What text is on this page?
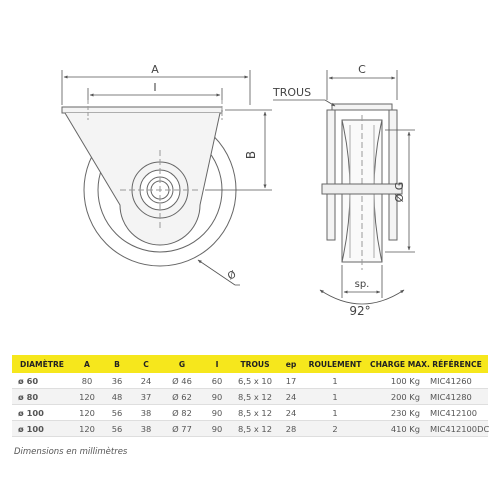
A
I
B
Ø
C
TROUS
Ø G
sp.
92°
DIAMÈTRE	A	B	C	G	I	TROUS	ep	ROULEMENT	CHARGE MAX.	RÉFÉRENCE
ø 60	80	36	24	Ø 46	60	6,5 x 10	17	1	100 Kg	MIC41260
ø 80	120	48	37	Ø 62	90	8,5 x 12	24	1	200 Kg	MIC41280
ø 100	120	56	38	Ø 82	90	8,5 x 12	24	1	230 Kg	MIC412100
ø 100	120	56	38	Ø 77	90	8,5 x 12	28	2	410 Kg	MIC412100DC
Dimensions en millimètres
